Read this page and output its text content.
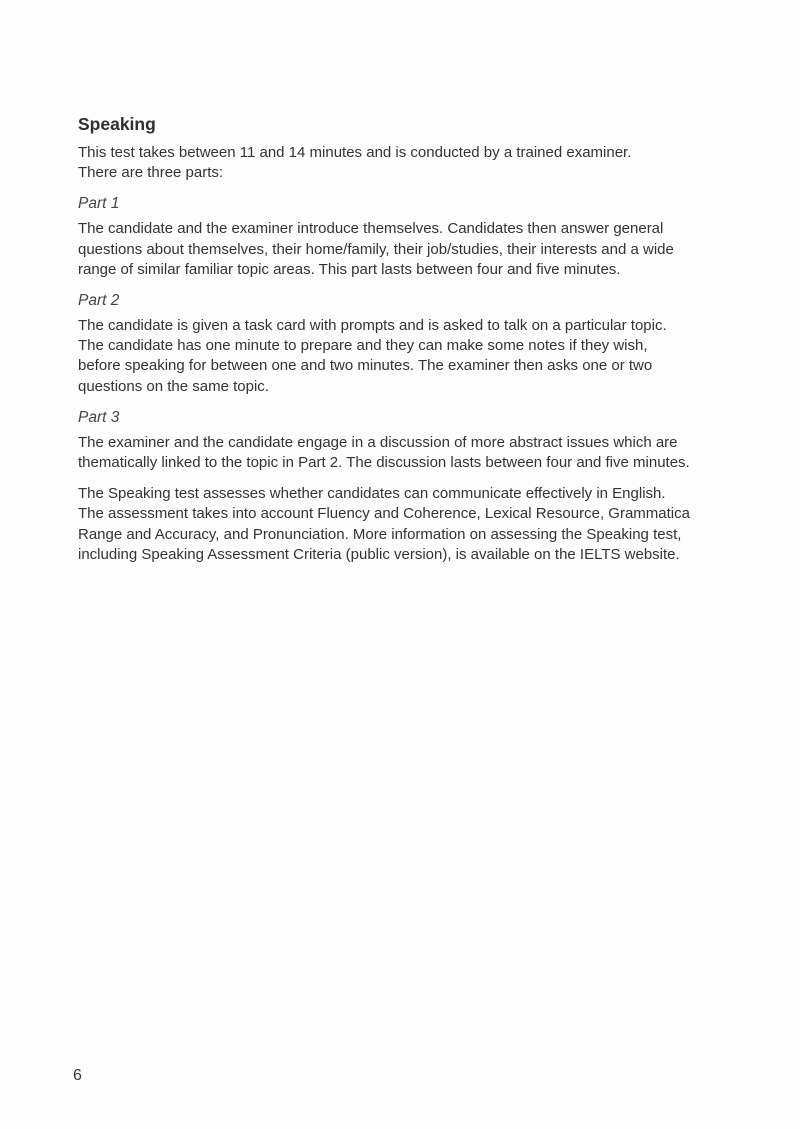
Speaking

This test takes between 11 and 14 minutes and is conducted by a trained examiner.
There are three parts:

Part 1

The candidate and the examiner introduce themselves. Candidates then answer general
questions about themselves, their home/family, their job/studies, their interests and a wide
range of similar familiar topic areas. This part lasts between four and five minutes.

Part 2

The candidate is given a task card with prompts and is asked to talk on a particular topic.
The candidate has one minute to prepare and they can make some notes if they wish,
before speaking for between one and two minutes. The examiner then asks one or two
questions on the same topic.

Part 3

The examiner and the candidate engage in a discussion of more abstract issues which are
thematically linked to the topic in Part 2. The discussion lasts between four and five minutes.

The Speaking test assesses whether candidates can communicate effectively in English.
The assessment takes into account Fluency and Coherence, Lexical Resource, Grammatica
Range and Accuracy, and Pronunciation. More information on assessing the Speaking test,
including Speaking Assessment Criteria (public version), is available on the IELTS website.

6
